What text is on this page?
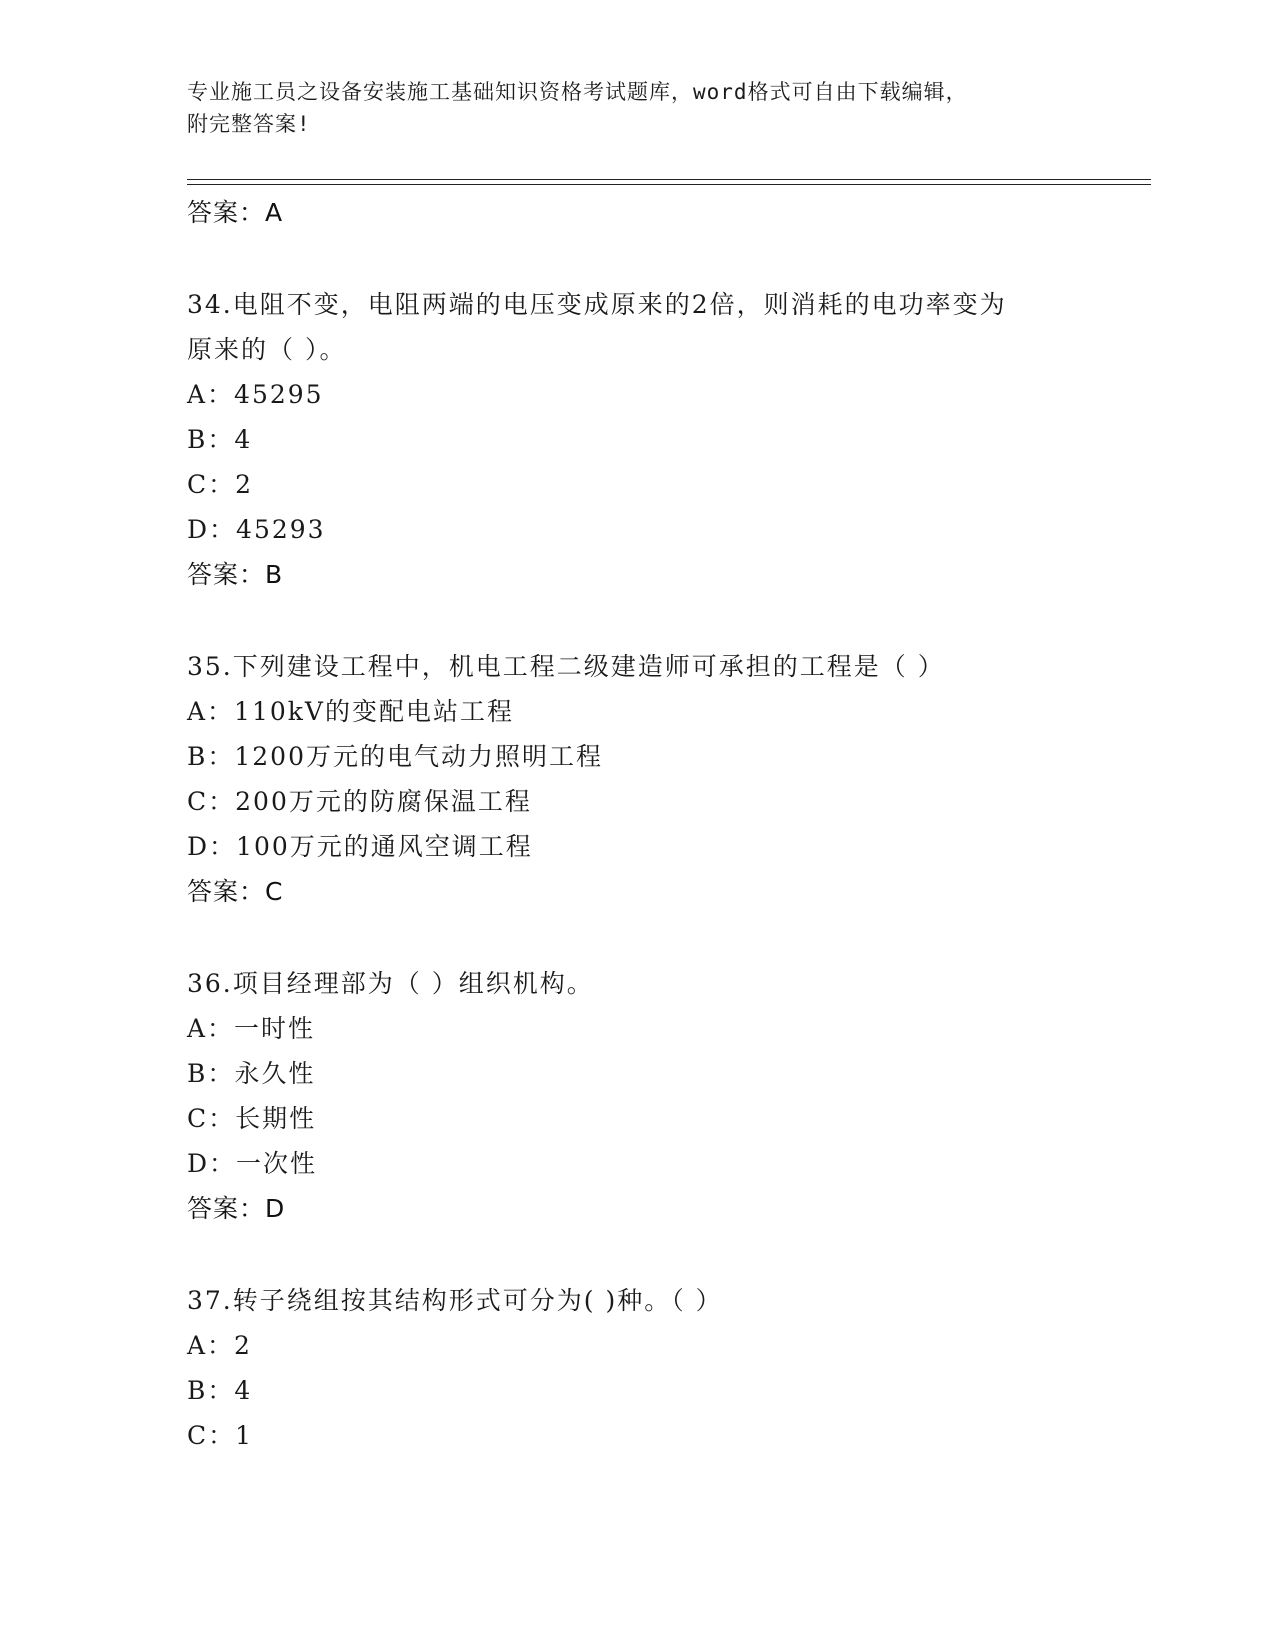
专业施工员之设备安装施工基础知识资格考试题库，word格式可自由下载编辑，
附完整答案!
答案：A
34.电阻不变，电阻两端的电压变成原来的2倍，则消耗的电功率变为
原来的（ ）。
A：45295
B：4
C：2
D：45293
答案：B
35.下列建设工程中，机电工程二级建造师可承担的工程是（ ）
A：110kV的变配电站工程
B：1200万元的电气动力照明工程
C：200万元的防腐保温工程
D：100万元的通风空调工程
答案：C
36.项目经理部为（ ）组织机构。
A：一时性
B：永久性
C：长期性
D：一次性
答案：D
37.转子绕组按其结构形式可分为( )种。（ ）
A：2
B：4
C：1
